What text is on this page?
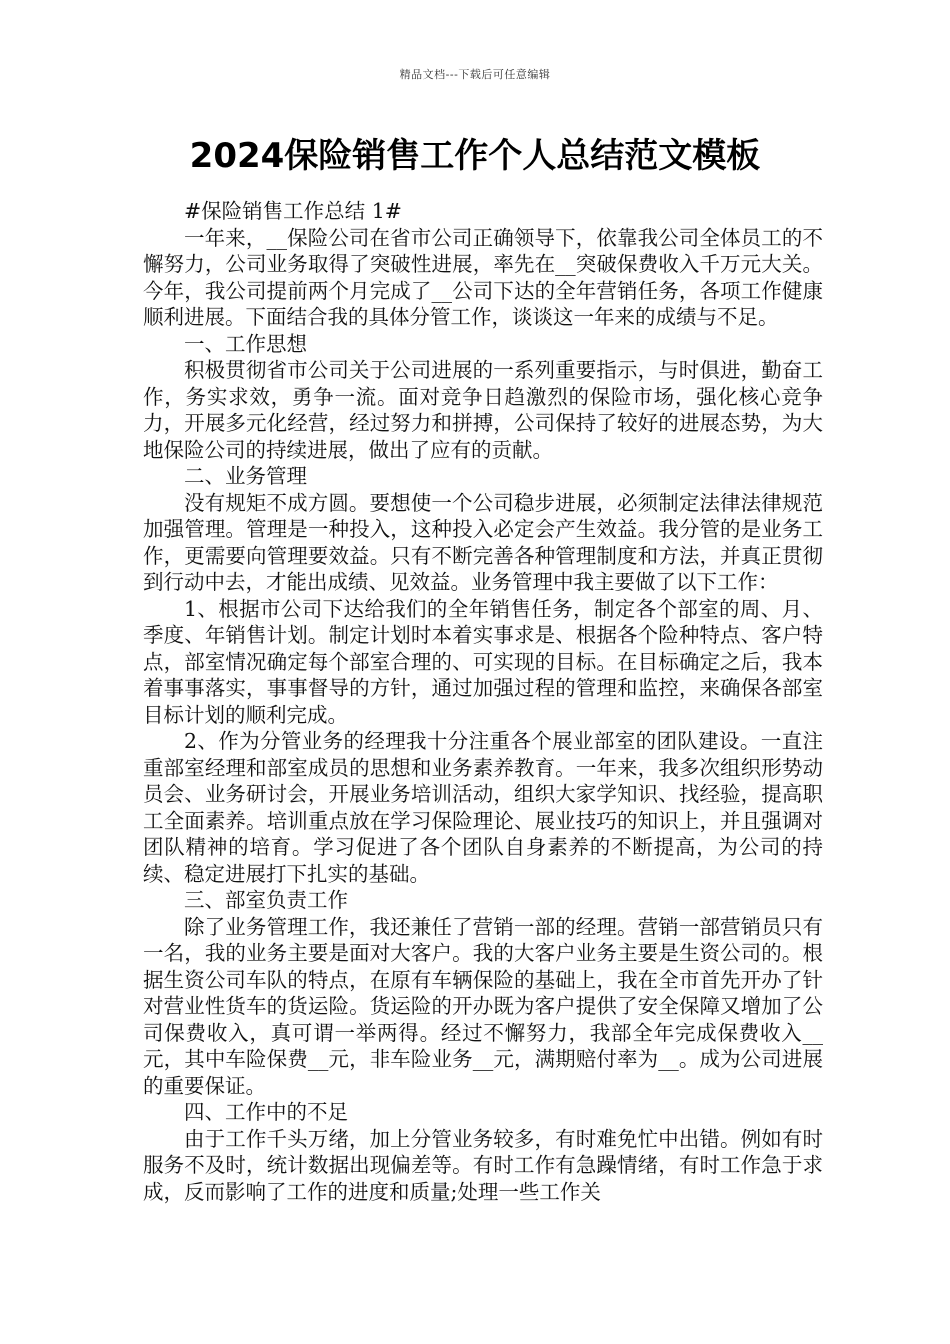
精品文档---下载后可任意编辑
2024保险销售工作个人总结范文模板

#保险销售工作总结 1#

一年来，__保险公司在省市公司正确领导下，依靠我公司全体员工的不懈努力，公司业务取得了突破性进展，率先在__突破保费收入千万元大关。今年，我公司提前两个月完成了__公司下达的全年营销任务，各项工作健康顺利进展。下面结合我的具体分管工作，谈谈这一年来的成绩与不足。

一、工作思想

积极贯彻省市公司关于公司进展的一系列重要指示，与时俱进，勤奋工作，务实求效，勇争一流。面对竞争日趋激烈的保险市场，强化核心竞争力，开展多元化经营，经过努力和拼搏，公司保持了较好的进展态势，为大地保险公司的持续进展，做出了应有的贡献。

二、业务管理

没有规矩不成方圆。要想使一个公司稳步进展，必须制定法律法律规范加强管理。管理是一种投入，这种投入必定会产生效益。我分管的是业务工作，更需要向管理要效益。只有不断完善各种管理制度和方法，并真正贯彻到行动中去，才能出成绩、见效益。业务管理中我主要做了以下工作：

1、根据市公司下达给我们的全年销售任务，制定各个部室的周、月、季度、年销售计划。制定计划时本着实事求是、根据各个险种特点、客户特点，部室情况确定每个部室合理的、可实现的目标。在目标确定之后，我本着事事落实，事事督导的方针，通过加强过程的管理和监控，来确保各部室目标计划的顺利完成。

2、作为分管业务的经理我十分注重各个展业部室的团队建设。一直注重部室经理和部室成员的思想和业务素养教育。一年来，我多次组织形势动员会、业务研讨会，开展业务培训活动，组织大家学知识、找经验，提高职工全面素养。培训重点放在学习保险理论、展业技巧的知识上，并且强调对团队精神的培育。学习促进了各个团队自身素养的不断提高，为公司的持续、稳定进展打下扎实的基础。

三、部室负责工作

除了业务管理工作，我还兼任了营销一部的经理。营销一部营销员只有一名，我的业务主要是面对大客户。我的大客户业务主要是生资公司的。根据生资公司车队的特点，在原有车辆保险的基础上，我在全市首先开办了针对营业性货车的货运险。货运险的开办既为客户提供了安全保障又增加了公司保费收入，真可谓一举两得。经过不懈努力，我部全年完成保费收入__元，其中车险保费__元，非车险业务__元，满期赔付率为__。成为公司进展的重要保证。

四、工作中的不足

由于工作千头万绪，加上分管业务较多，有时难免忙中出错。例如有时服务不及时，统计数据出现偏差等。有时工作有急躁情绪，有时工作急于求成，反而影响了工作的进度和质量;处理一些工作关
